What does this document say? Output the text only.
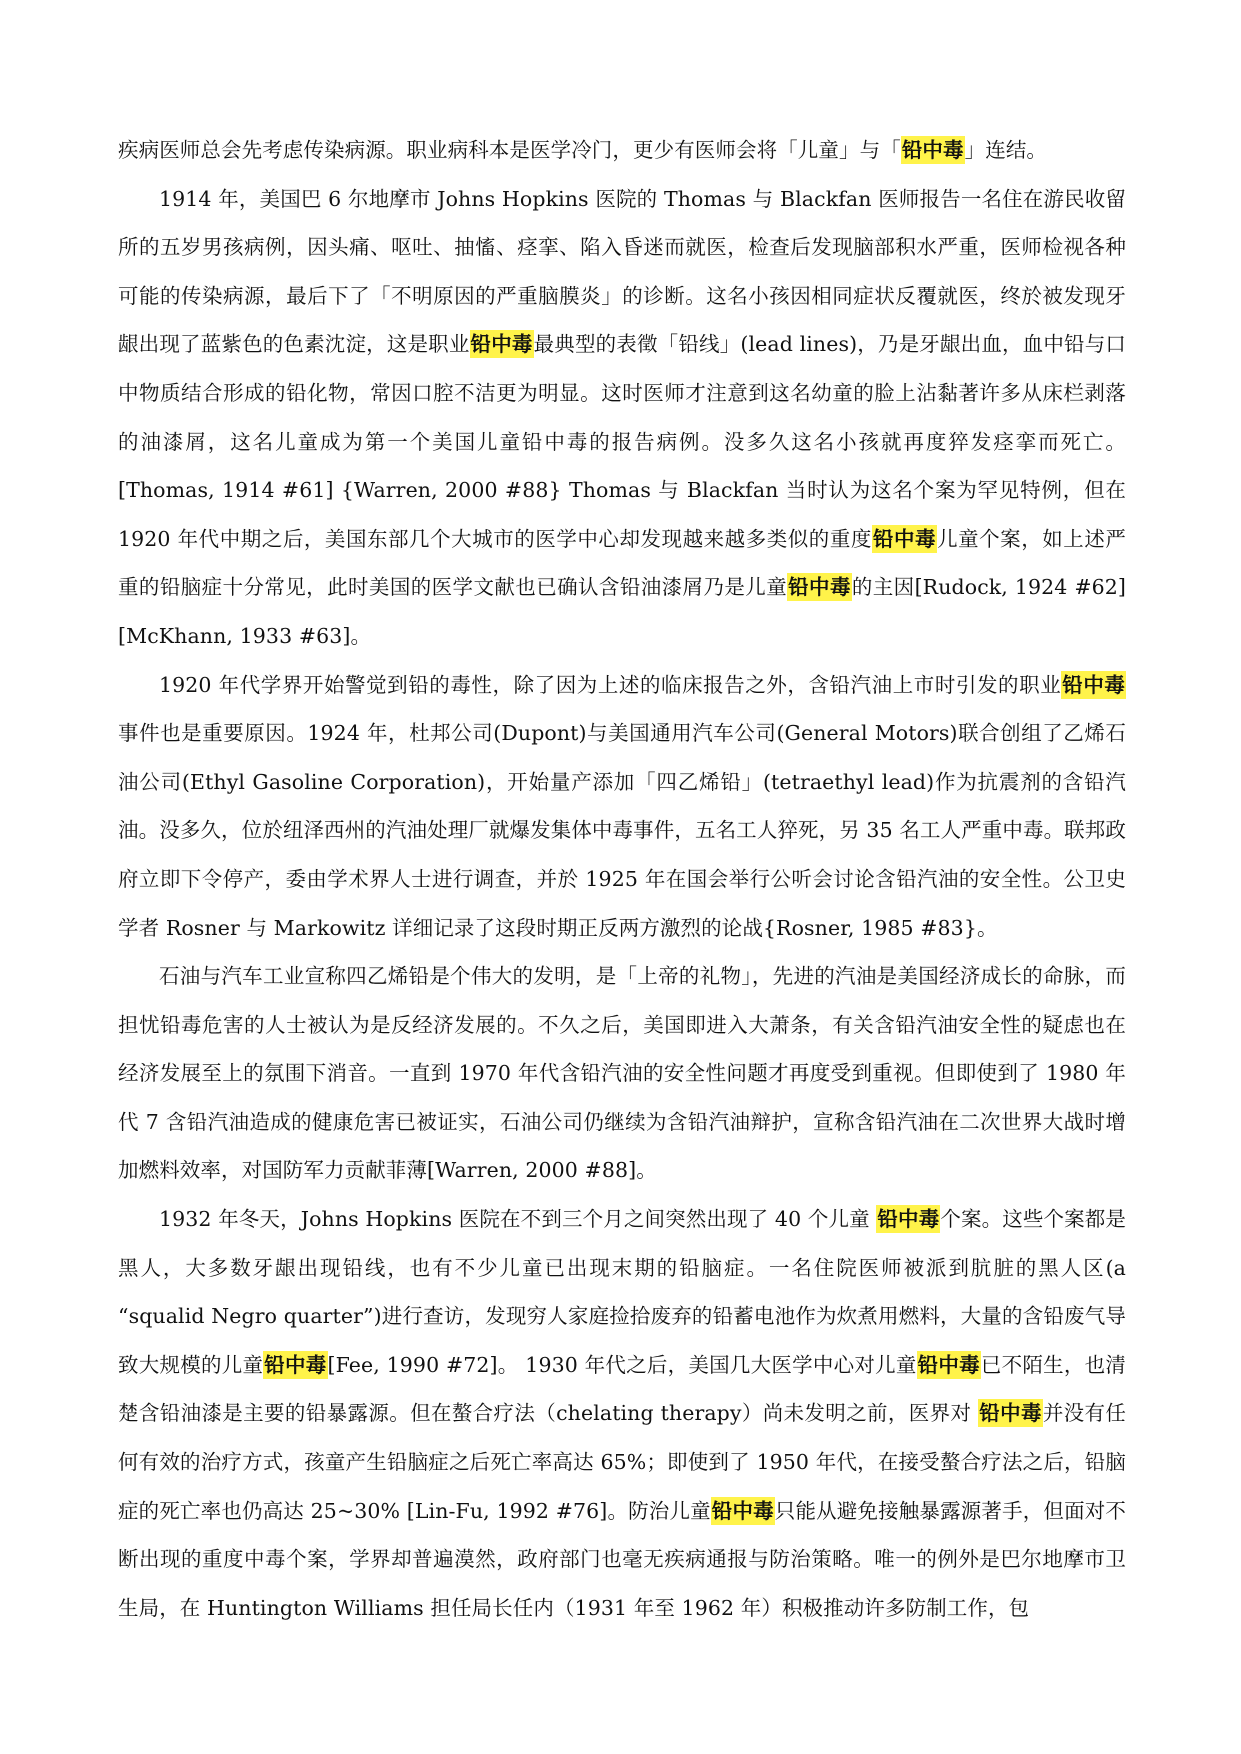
疾病医师总会先考虑传染病源。职业病科本是医学冷门，更少有医师会将「儿童」与「铅中毒」连结。

1914 年，美国巴 6 尔地摩市 Johns Hopkins 医院的 Thomas 与 Blackfan 医师报告一名住在游民收留所的五岁男孩病例，因头痛、呕吐、抽慉、痉挛、陷入昏迷而就医，检查后发现脑部积水严重，医师检视各种可能的传染病源，最后下了「不明原因的严重脑膜炎」的诊断。这名小孩因相同症状反覆就医，终於被发现牙龈出现了蓝紫色的色素沈淀，这是职业铅中毒最典型的表徵「铅线」(lead lines)，乃是牙龈出血，血中铅与口中物质结合形成的铅化物，常因口腔不洁更为明显。这时医师才注意到这名幼童的脸上沾黏著许多从床栏剥落的油漆屑，这名儿童成为第一个美国儿童铅中毒的报告病例。没多久这名小孩就再度猝发痉挛而死亡。[Thomas, 1914 #61] {Warren, 2000 #88} Thomas 与 Blackfan 当时认为这名个案为罕见特例，但在 1920 年代中期之后，美国东部几个大城市的医学中心却发现越来越多类似的重度铅中毒儿童个案，如上述严重的铅脑症十分常见，此时美国的医学文献也已确认含铅油漆屑乃是儿童铅中毒的主因[Rudock, 1924 #62] [McKhann, 1933 #63]。

1920 年代学界开始警觉到铅的毒性，除了因为上述的临床报告之外，含铅汽油上市时引发的职业铅中毒事件也是重要原因。1924 年，杜邦公司(Dupont)与美国通用汽车公司(General Motors)联合创组了乙烯石油公司(Ethyl Gasoline Corporation)，开始量产添加「四乙烯铅」(tetraethyl lead)作为抗震剂的含铅汽油。没多久，位於纽泽西州的汽油处理厂就爆发集体中毒事件，五名工人猝死，另 35 名工人严重中毒。联邦政府立即下令停产，委由学术界人士进行调查，并於 1925 年在国会举行公听会讨论含铅汽油的安全性。公卫史学者 Rosner 与 Markowitz 详细记录了这段时期正反两方激烈的论战{Rosner, 1985 #83}。

石油与汽车工业宣称四乙烯铅是个伟大的发明，是「上帝的礼物」，先进的汽油是美国经济成长的命脉，而担忧铅毒危害的人士被认为是反经济发展的。不久之后，美国即进入大萧条，有关含铅汽油安全性的疑虑也在经济发展至上的氛围下消音。一直到 1970 年代含铅汽油的安全性问题才再度受到重视。但即使到了 1980 年代 7 含铅汽油造成的健康危害已被证实，石油公司仍继续为含铅汽油辩护，宣称含铅汽油在二次世界大战时增加燃料效率，对国防军力贡献菲薄[Warren, 2000 #88]。

1932 年冬天，Johns Hopkins 医院在不到三个月之间突然出现了 40 个儿童 铅中毒个案。这些个案都是黑人，大多数牙龈出现铅线，也有不少儿童已出现末期的铅脑症。一名住院医师被派到肮脏的黑人区(a “squalid Negro quarter”)进行查访，发现穷人家庭捡拾废弃的铅蓄电池作为炊煮用燃料，大量的含铅废气导致大规模的儿童铅中毒[Fee, 1990 #72]。 1930 年代之后，美国几大医学中心对儿童铅中毒已不陌生，也清楚含铅油漆是主要的铅暴露源。但在螯合疗法（chelating therapy）尚未发明之前，医界对 铅中毒并没有任何有效的治疗方式，孩童产生铅脑症之后死亡率高达 65%；即使到了 1950 年代，在接受螯合疗法之后，铅脑症的死亡率也仍高达 25~30% [Lin-Fu, 1992 #76]。防治儿童铅中毒只能从避免接触暴露源著手，但面对不断出现的重度中毒个案，学界却普遍漠然，政府部门也毫无疾病通报与防治策略。唯一的例外是巴尔地摩市卫生局，在 Huntington Williams 担任局长任内（1931 年至 1962 年）积极推动许多防制工作，包
